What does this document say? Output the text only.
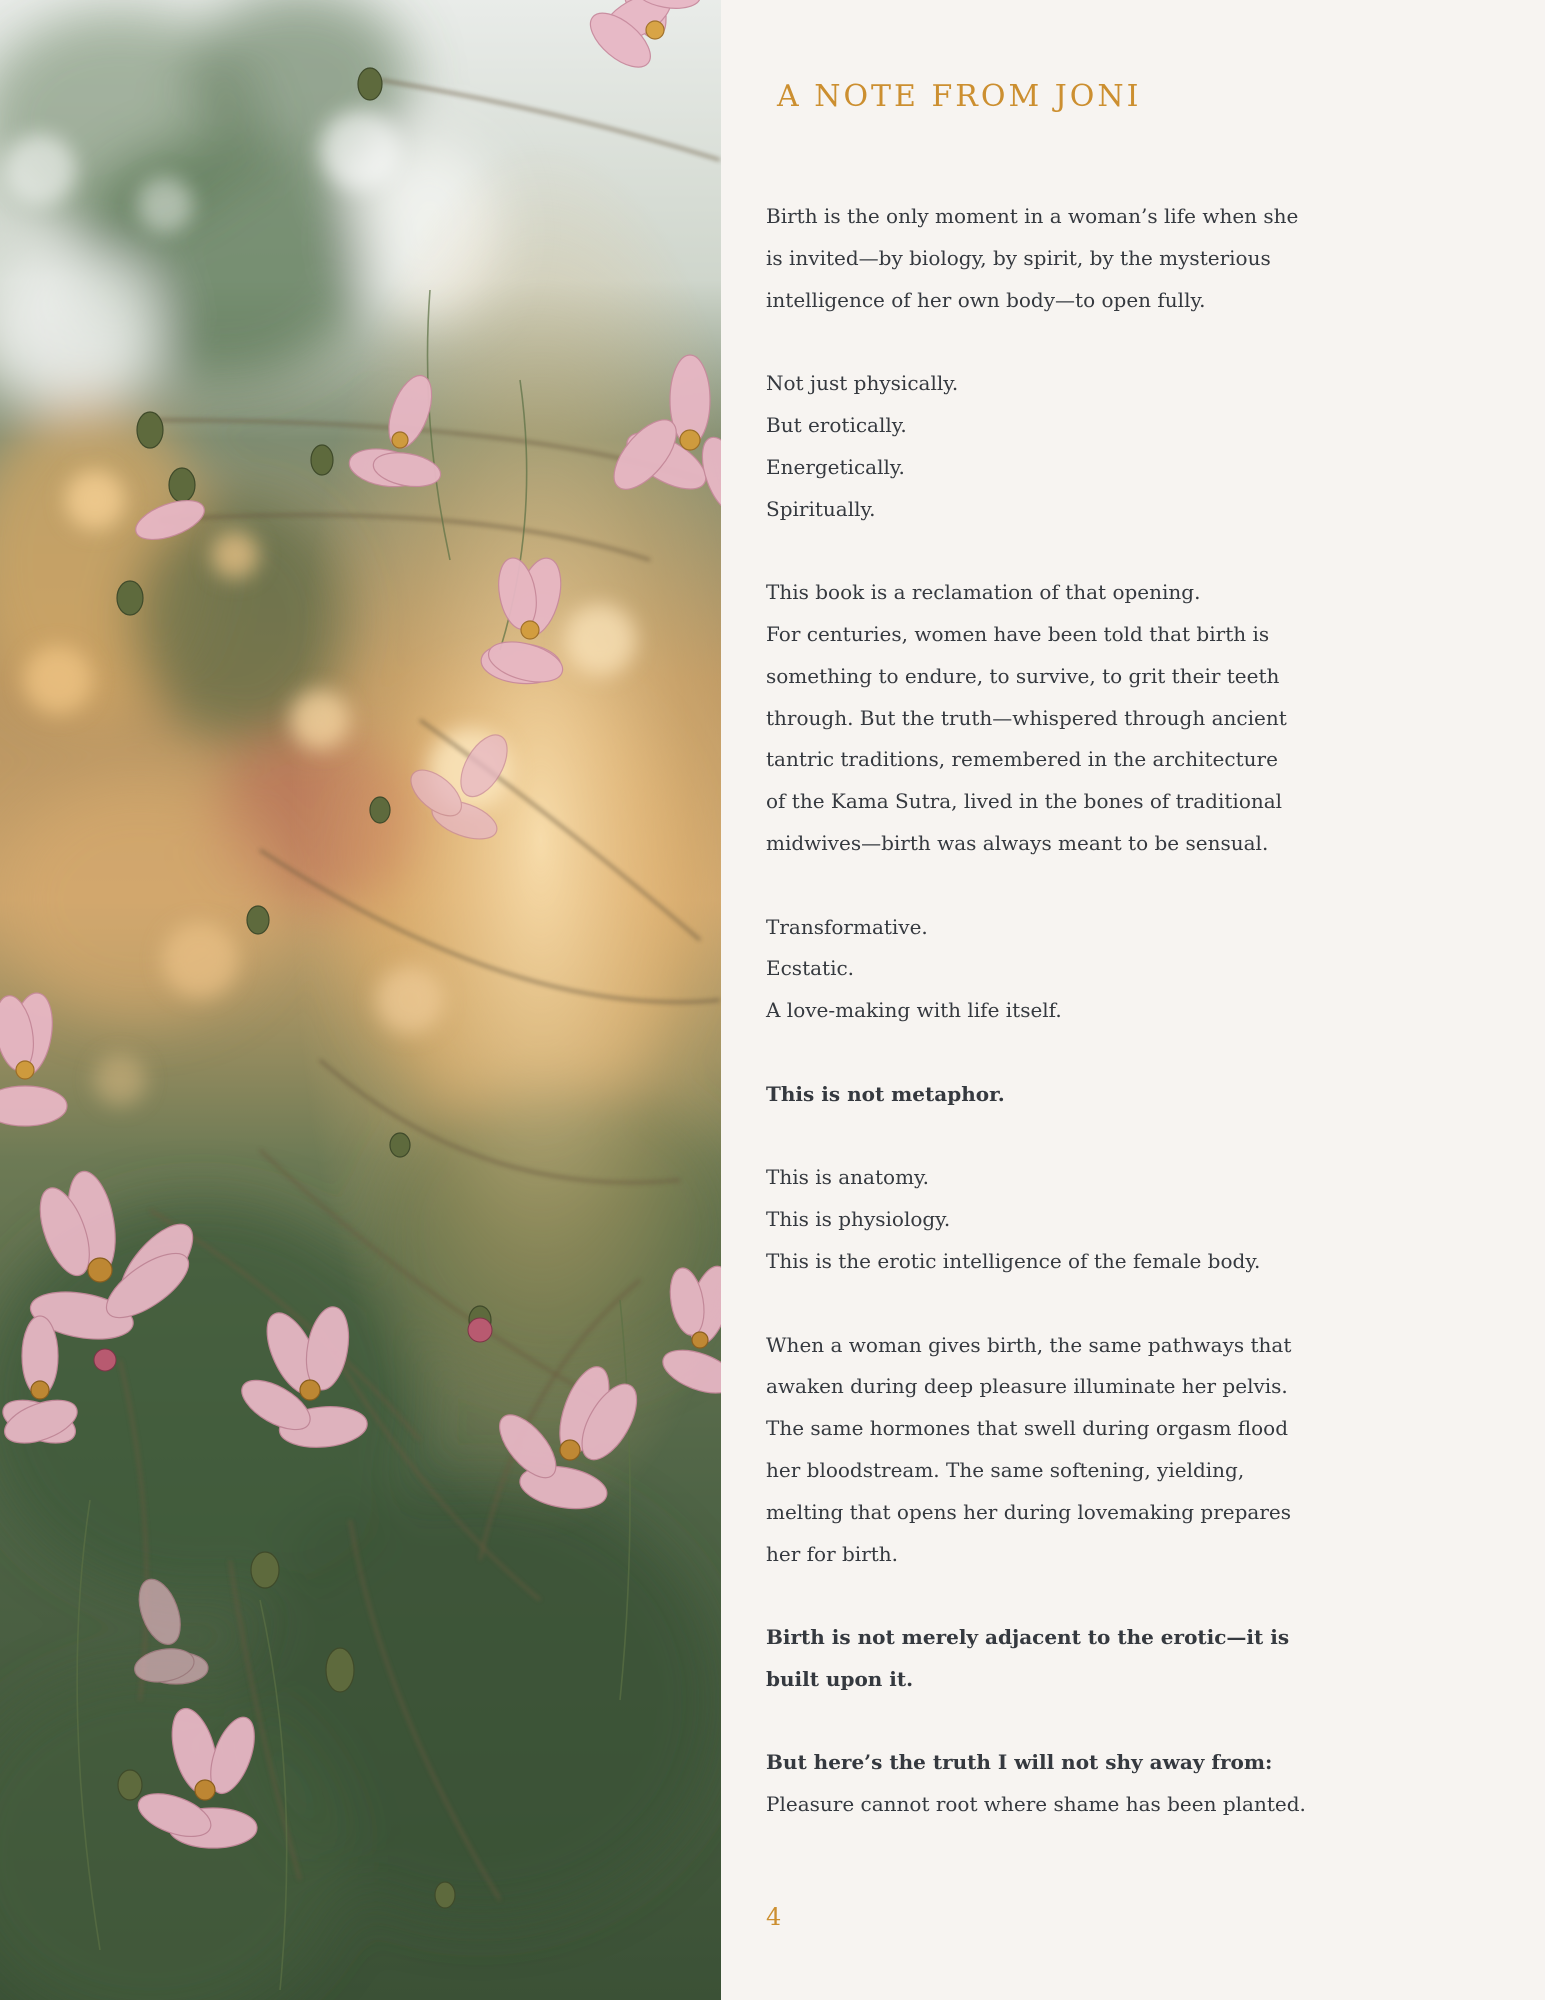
A NOTE FROM JONI

Birth is the only moment in a woman’s life when she
is invited—by biology, by spirit, by the mysterious
intelligence of her own body—to open fully.

Not just physically.
But erotically.
Energetically.
Spiritually.

This book is a reclamation of that opening.
For centuries, women have been told that birth is
something to endure, to survive, to grit their teeth
through. But the truth—whispered through ancient
tantric traditions, remembered in the architecture
of the Kama Sutra, lived in the bones of traditional
midwives—birth was always meant to be sensual.

Transformative.
Ecstatic.
A love-making with life itself.

This is not metaphor.

This is anatomy.
This is physiology.
This is the erotic intelligence of the female body.

When a woman gives birth, the same pathways that
awaken during deep pleasure illuminate her pelvis.
The same hormones that swell during orgasm flood
her bloodstream. The same softening, yielding,
melting that opens her during lovemaking prepares
her for birth.

Birth is not merely adjacent to the erotic—it is
built upon it.

But here’s the truth I will not shy away from:
Pleasure cannot root where shame has been planted.

4
